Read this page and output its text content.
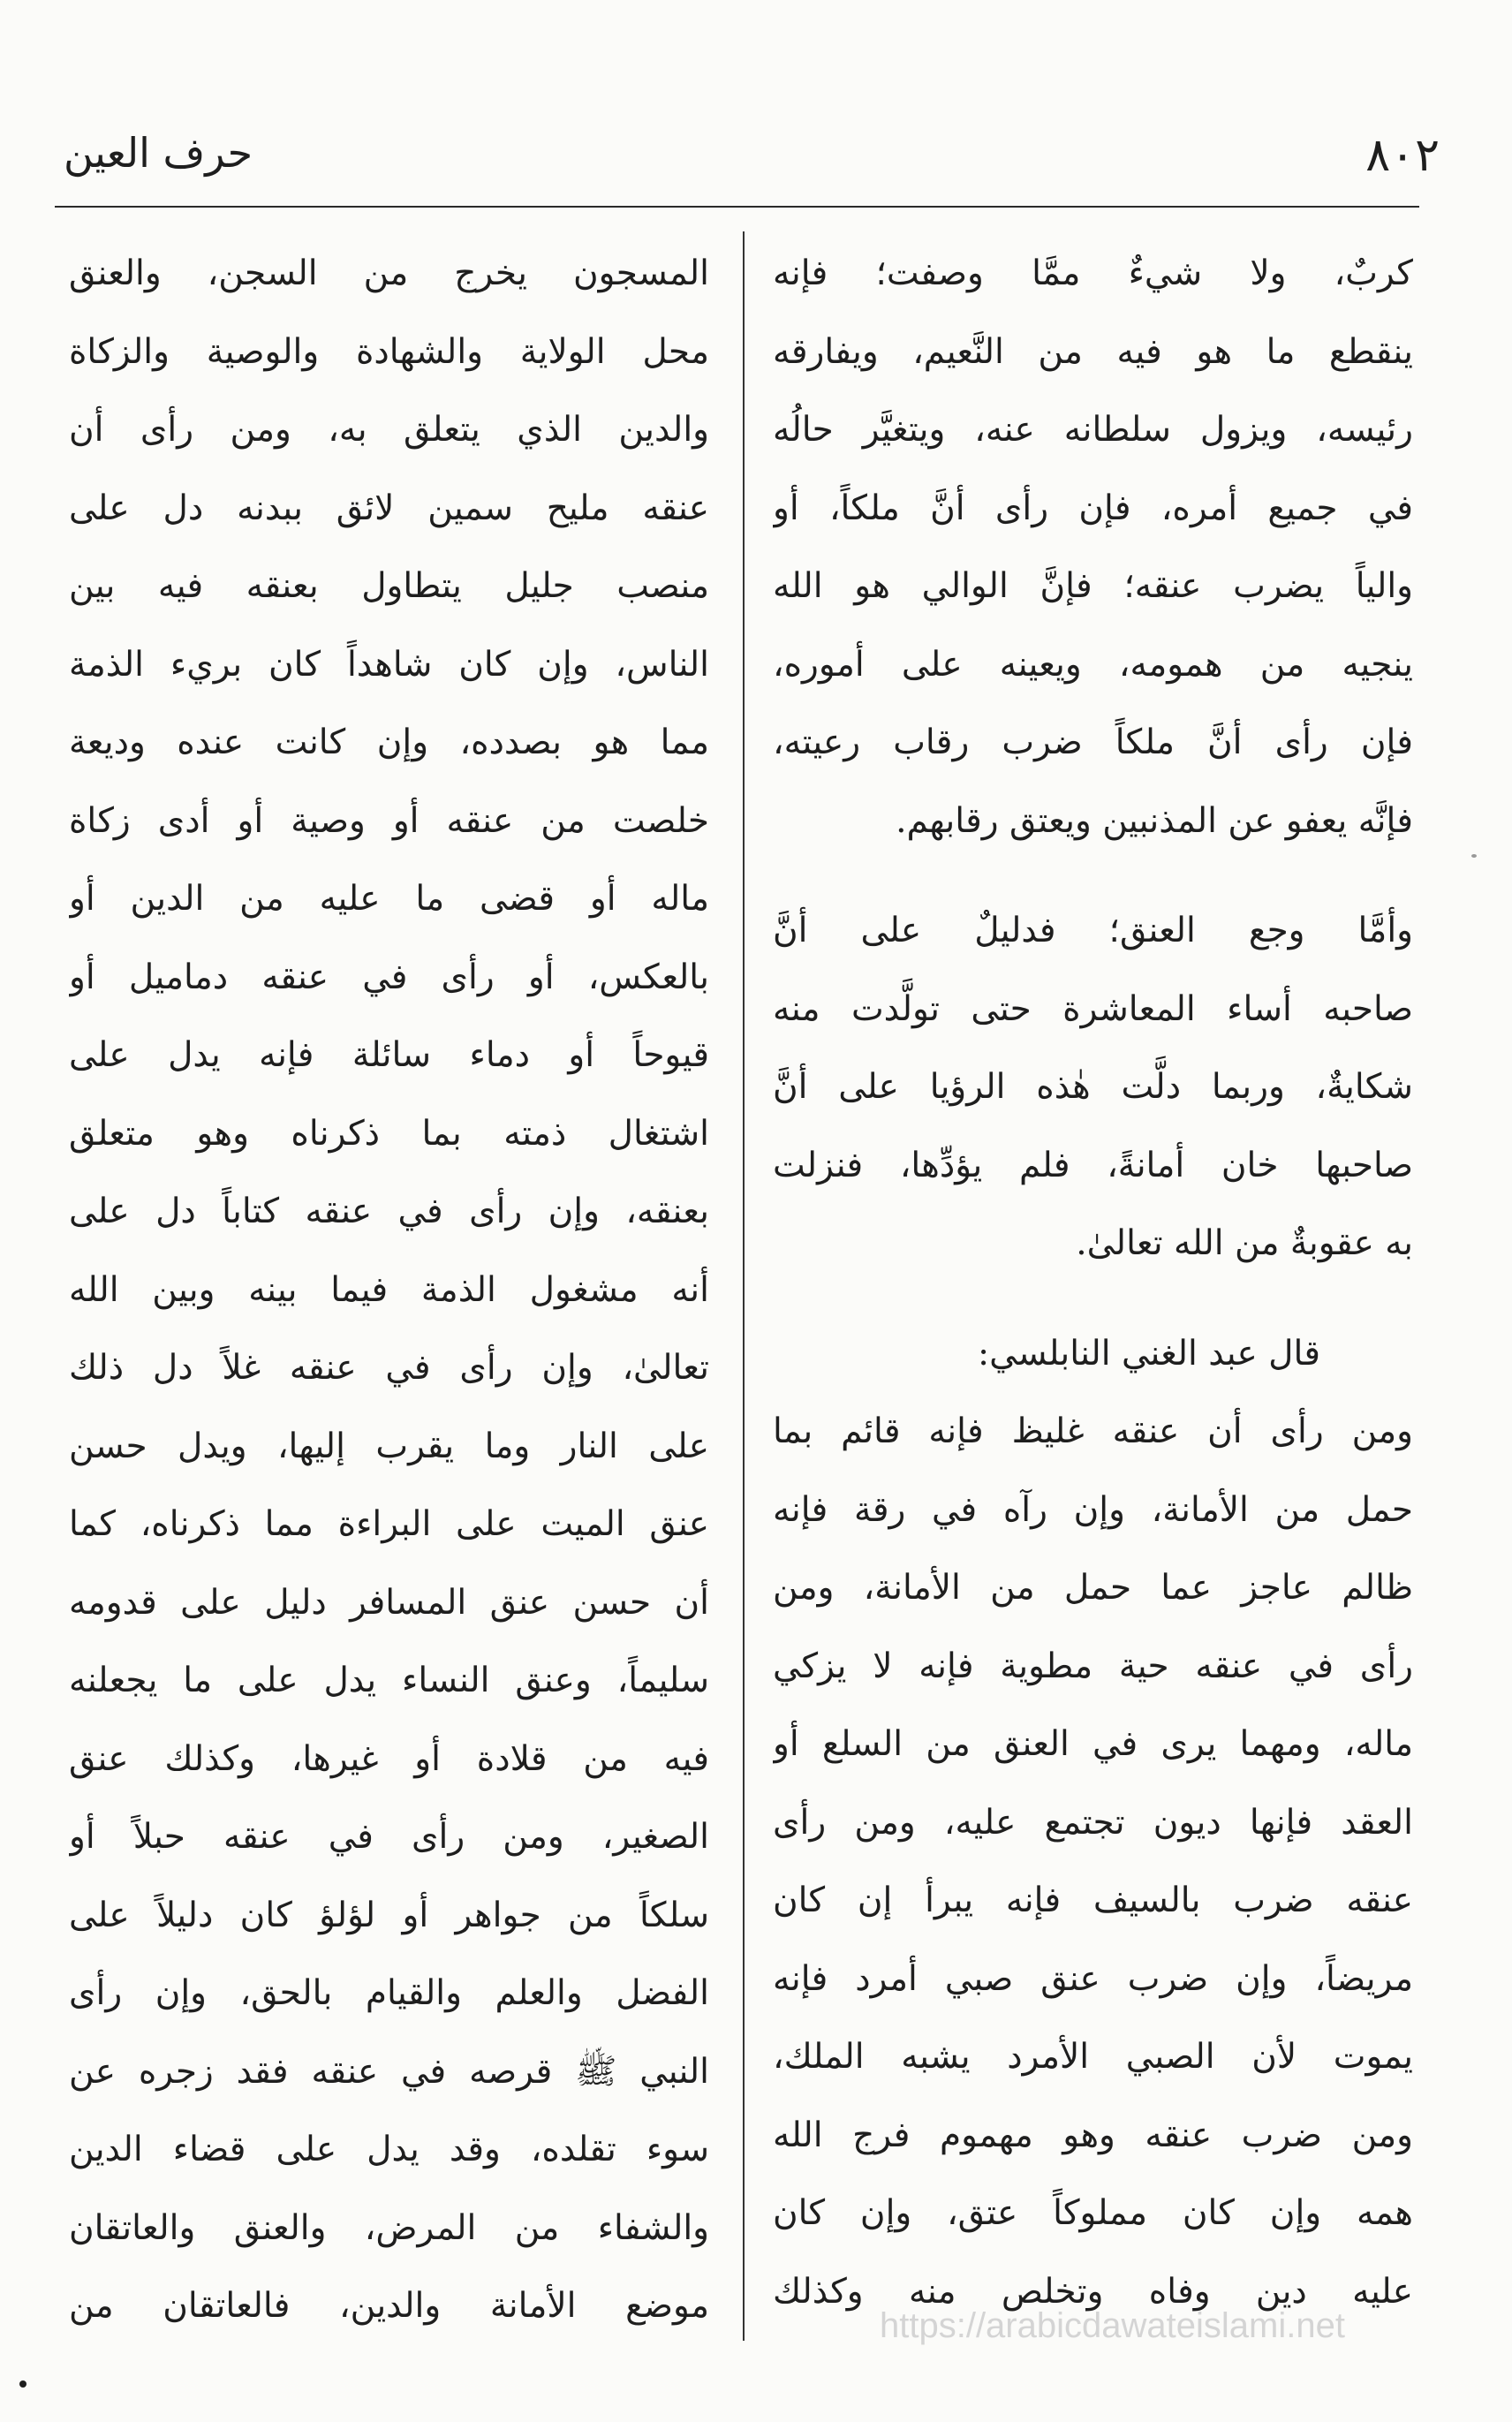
٨٠٢
حرف العين
كربٌ، ولا شيءٌ ممَّا وصفت؛ فإنه
ينقطع ما هو فيه من النَّعيم، ويفارقه
رئيسه، ويزول سلطانه عنه، ويتغيَّر حالُه
في جميع أمره، فإن رأى أنَّ ملكاً، أو
والياً يضرب عنقه؛ فإنَّ الوالي هو الله
ينجيه من همومه، ويعينه على أموره،
فإن رأى أنَّ ملكاً ضرب رقاب رعيته،
فإنَّه يعفو عن المذنبين ويعتق رقابهم.
وأمَّا وجع العنق؛ فدليلٌ على أنَّ
صاحبه أساء المعاشرة حتى تولَّدت منه
شكايةٌ، وربما دلَّت هٰذه الرؤيا على أنَّ
صاحبها خان أمانةً، فلم يؤدِّها، فنزلت
به عقوبةٌ من الله تعالىٰ.
قال عبد الغني النابلسي:
ومن رأى أن عنقه غليظ فإنه قائم بما
حمل من الأمانة، وإن رآه في رقة فإنه
ظالم عاجز عما حمل من الأمانة، ومن
رأى في عنقه حية مطوية فإنه لا يزكي
ماله، ومهما يرى في العنق من السلع أو
العقد فإنها ديون تجتمع عليه، ومن رأى
عنقه ضرب بالسيف فإنه يبرأ إن كان
مريضاً، وإن ضرب عنق صبي أمرد فإنه
يموت لأن الصبي الأمرد يشبه الملك،
ومن ضرب عنقه وهو مهموم فرج الله
همه وإن كان مملوكاً عتق، وإن كان
عليه دين وفاه وتخلص منه وكذلك
المسجون يخرج من السجن، والعنق
محل الولاية والشهادة والوصية والزكاة
والدين الذي يتعلق به، ومن رأى أن
عنقه مليح سمين لائق ببدنه دل على
منصب جليل يتطاول بعنقه فيه بين
الناس، وإن كان شاهداً كان بريء الذمة
مما هو بصدده، وإن كانت عنده وديعة
خلصت من عنقه أو وصية أو أدى زكاة
ماله أو قضى ما عليه من الدين أو
بالعكس، أو رأى في عنقه دماميل أو
قيوحاً أو دماء سائلة فإنه يدل على
اشتغال ذمته بما ذكرناه وهو متعلق
بعنقه، وإن رأى في عنقه كتاباً دل على
أنه مشغول الذمة فيما بينه وبين الله
تعالىٰ، وإن رأى في عنقه غلاً دل ذلك
على النار وما يقرب إليها، ويدل حسن
عنق الميت على البراءة مما ذكرناه، كما
أن حسن عنق المسافر دليل على قدومه
سليماً، وعنق النساء يدل على ما يجعلنه
فيه من قلادة أو غيرها، وكذلك عنق
الصغير، ومن رأى في عنقه حبلاً أو
سلكاً من جواهر أو لؤلؤ كان دليلاً على
الفضل والعلم والقيام بالحق، وإن رأى
النبي ﷺ قرصه في عنقه فقد زجره عن
سوء تقلده، وقد يدل على قضاء الدين
والشفاء من المرض، والعنق والعاتقان
موضع الأمانة والدين، فالعاتقان من	https://arabicdawateislami.net
